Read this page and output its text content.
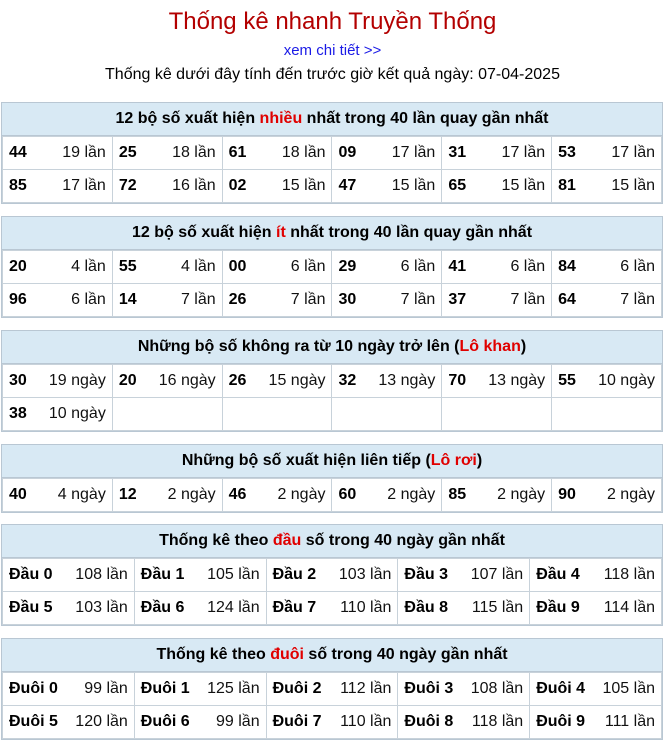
Thống kê nhanh Truyền Thống
xem chi tiết >>
Thống kê dưới đây tính đến trước giờ kết quả ngày: 07-04-2025
12 bộ số xuất hiện nhiều nhất trong 40 lần quay gần nhất
44 19 lần	25 18 lần	61 18 lần	09 17 lần	31 17 lần	53 17 lần

85 17 lần	72 16 lần	02 15 lần	47 15 lần	65 15 lần	81 15 lần
12 bộ số xuất hiện ít nhất trong 40 lần quay gần nhất
20 4 lần	55 4 lần	00 6 lần	29 6 lần	41 6 lần	84 6 lần

96 6 lần	14 7 lần	26 7 lần	30 7 lần	37 7 lần	64 7 lần
Những bộ số không ra từ 10 ngày trở lên (Lô khan)
30 19 ngày	20 16 ngày	26 15 ngày	32 13 ngày	70 13 ngày	55 10 ngày

38 10 ngày					

Những bộ số xuất hiện liên tiếp (Lô rơi)
40 4 ngày	12 2 ngày	46 2 ngày	60 2 ngày	85 2 ngày	90 2 ngày
Thống kê theo đầu số trong 40 ngày gần nhất
Đầu 0 108 lần	Đầu 1 105 lần	Đầu 2 103 lần	Đầu 3 107 lần	Đầu 4 118 lần

Đầu 5 103 lần	Đầu 6 124 lần	Đầu 7 110 lần	Đầu 8 115 lần	Đầu 9 114 lần
Thống kê theo đuôi số trong 40 ngày gần nhất
Đuôi 0 99 lần	Đuôi 1 125 lần	Đuôi 2 112 lần	Đuôi 3 108 lần	Đuôi 4 105 lần

Đuôi 5 120 lần	Đuôi 6 99 lần	Đuôi 7 110 lần	Đuôi 8 118 lần	Đuôi 9 111 lần
